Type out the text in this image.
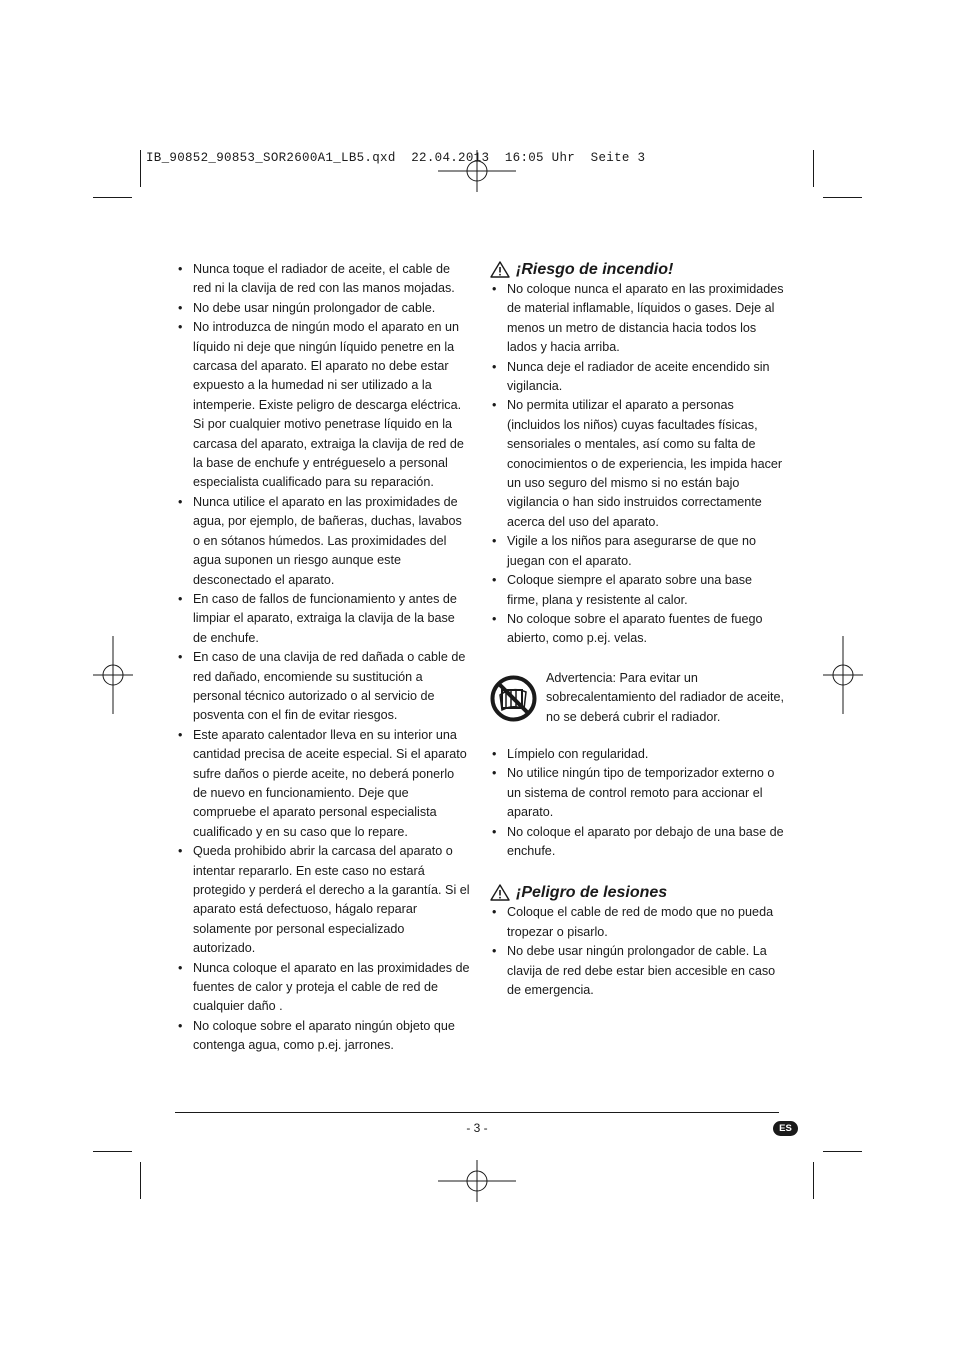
IB_90852_90853_SOR2600A1_LB5.qxd  22.04.2013  16:05 Uhr  Seite 3
• Nunca toque el radiador de aceite, el cable de red ni la clavija de red con las manos mojadas.
• No debe usar ningún prolongador de cable.
• No introduzca de ningún modo el aparato en un líquido ni deje que ningún líquido penetre en la carcasa del aparato. El aparato no debe estar expuesto a la humedad ni ser utilizado a la intemperie. Existe peligro de descarga eléctrica. Si por cualquier motivo penetrase líquido en la carcasa del aparato, extraiga la clavija de red de la base de enchufe y entrégueselo a personal especialista cualificado para su reparación.
• Nunca utilice el aparato en las proximidades de agua, por ejemplo, de bañeras, duchas, lavabos o en sótanos húmedos. Las proximidades del agua suponen un riesgo aunque este desconectado el aparato.
• En caso de fallos de funcionamiento y antes de limpiar el aparato, extraiga la clavija de la base de enchufe.
• En caso de una clavija de red dañada o cable de red dañado, encomiende su sustitución a personal técnico autorizado o al servicio de posventa con el fin de evitar riesgos.
• Este aparato calentador lleva en su interior una cantidad precisa de aceite especial. Si el aparato sufre daños o pierde aceite, no deberá ponerlo de nuevo en funcionamiento. Deje que compruebe el aparato personal especialista cualificado y en su caso que lo repare.
• Queda prohibido abrir la carcasa del aparato o intentar repararlo. En este caso no estará protegido y perderá el derecho a la garantía. Si el aparato está defectuoso, hágalo reparar solamente por personal especializado autorizado.
• Nunca coloque el aparato en las proximidades de fuentes de calor y proteja el cable de red de cualquier daño .
• No coloque sobre el aparato ningún objeto que contenga agua, como p.ej. jarrones.
¡Riesgo de incendio!
• No coloque nunca el aparato en las proximidades de material inflamable, líquidos o gases. Deje al menos un metro de distancia hacia todos los lados y hacia arriba.
• Nunca deje el radiador de aceite encendido sin vigilancia.
• No permita utilizar el aparato a personas (incluidos los niños) cuyas facultades físicas, sensoriales o mentales, así como su falta de conocimientos o de experiencia, les impida hacer un uso seguro del mismo si no están bajo vigilancia o han sido instruidos correctamente acerca del uso del aparato.
• Vigile a los niños para asegurarse de que no juegan con el aparato.
• Coloque siempre el aparato sobre una base firme, plana y resistente al calor.
• No coloque sobre el aparato fuentes de fuego abierto, como p.ej. velas.
Advertencia: Para evitar un sobrecalentamiento del radiador de aceite, no se deberá cubrir el radiador.
• Límpielo con regularidad.
• No utilice ningún tipo de temporizador externo o un sistema de control remoto para accionar el aparato.
• No coloque el aparato por debajo de una base de enchufe.
¡Peligro de lesiones
• Coloque el cable de red de modo que no pueda tropezar o pisarlo.
• No debe usar ningún prolongador de cable. La clavija de red debe estar bien accesible en caso de emergencia.
- 3 -	ES
